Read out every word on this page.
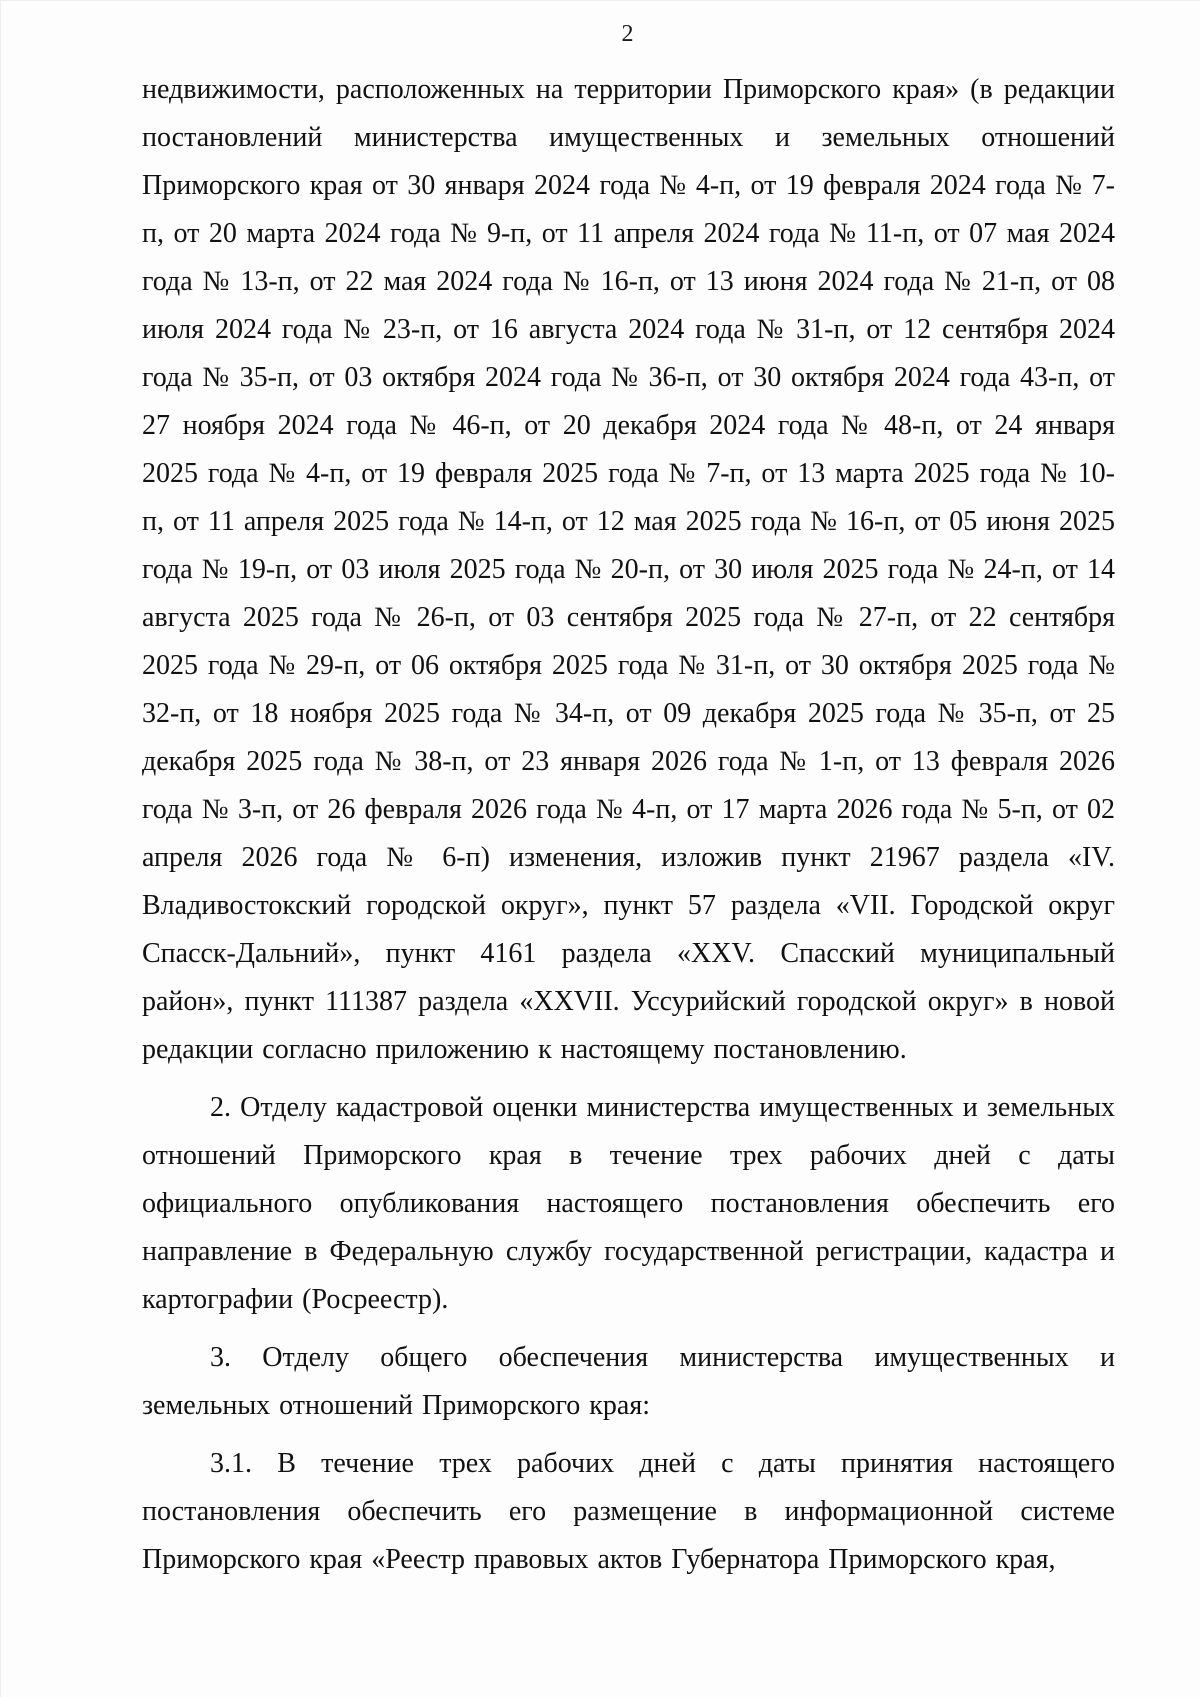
2

недвижимости, расположенных на территории Приморского края» (в редакции постановлений министерства имущественных и земельных отношений Приморского края от 30 января 2024 года № 4-п, от 19 февраля 2024 года № 7-п, от 20 марта 2024 года № 9-п, от 11 апреля 2024 года № 11-п, от 07 мая 2024 года № 13-п, от 22 мая 2024 года № 16-п, от 13 июня 2024 года № 21-п, от 08 июля 2024 года № 23-п, от 16 августа 2024 года № 31-п, от 12 сентября 2024 года № 35-п, от 03 октября 2024 года № 36-п, от 30 октября 2024 года 43-п, от 27 ноября 2024 года № 46-п, от 20 декабря 2024 года № 48-п, от 24 января 2025 года № 4-п, от 19 февраля 2025 года № 7-п, от 13 марта 2025 года № 10-п, от 11 апреля 2025 года № 14-п, от 12 мая 2025 года № 16-п, от 05 июня 2025 года № 19-п, от 03 июля 2025 года № 20-п, от 30 июля 2025 года № 24-п, от 14 августа 2025 года № 26-п, от 03 сентября 2025 года № 27-п, от 22 сентября 2025 года № 29-п, от 06 октября 2025 года № 31-п, от 30 октября 2025 года № 32-п, от 18 ноября 2025 года № 34-п, от 09 декабря 2025 года № 35-п, от 25 декабря 2025 года № 38-п, от 23 января 2026 года № 1-п, от 13 февраля 2026 года № 3-п, от 26 февраля 2026 года № 4-п, от 17 марта 2026 года № 5-п, от 02 апреля 2026 года № 6-п) изменения, изложив пункт 21967 раздела «IV. Владивостокский городской округ», пункт 57 раздела «VII. Городской округ Спасск-Дальний», пункт 4161 раздела «XXV. Спасский муниципальный район», пункт 111387 раздела «XXVII. Уссурийский городской округ» в новой редакции согласно приложению к настоящему постановлению.

2. Отделу кадастровой оценки министерства имущественных и земельных отношений Приморского края в течение трех рабочих дней с даты официального опубликования настоящего постановления обеспечить его направление в Федеральную службу государственной регистрации, кадастра и картографии (Росреестр).

3. Отделу общего обеспечения министерства имущественных и земельных отношений Приморского края:

3.1. В течение трех рабочих дней с даты принятия настоящего постановления обеспечить его размещение в информационной системе Приморского края «Реестр правовых актов Губернатора Приморского края,
